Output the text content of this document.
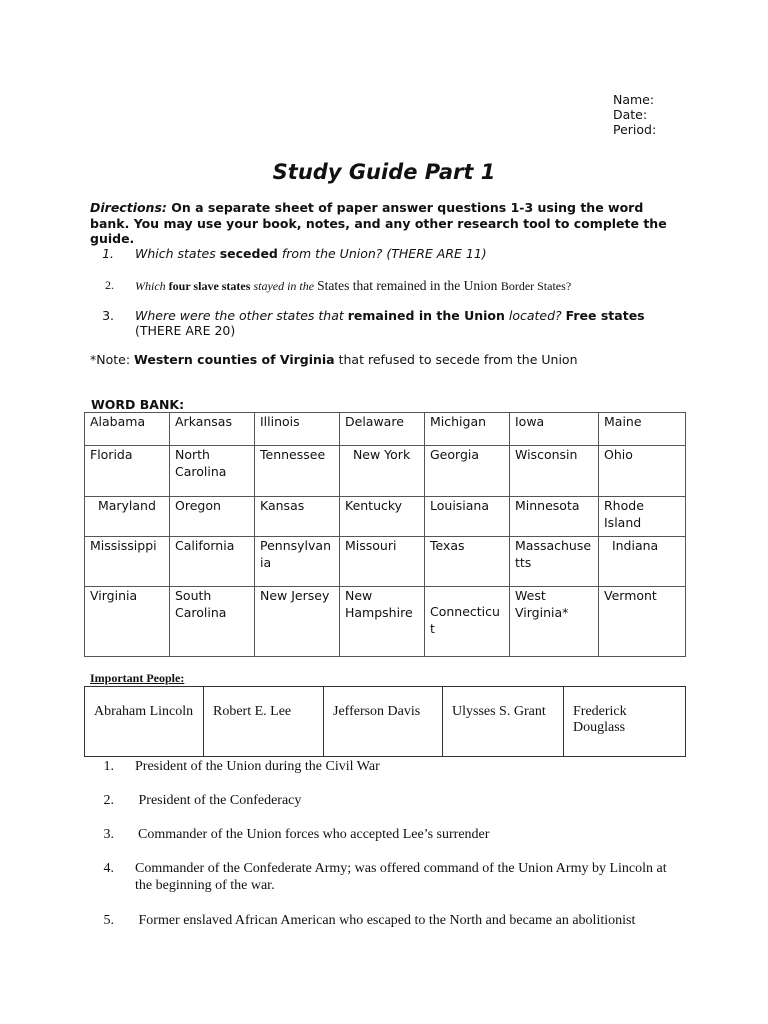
Name:
Date:
Period:
Study Guide Part 1
Directions: On a separate sheet of paper answer questions 1-3 using the word bank. You may use your book, notes, and any other research tool to complete the guide.
1. Which states seceded from the Union? (THERE ARE 11)
2. Which four slave states stayed in the States that remained in the Union Border States?
3. Where were the other states that remained in the Union located? Free states
(THERE ARE 20)
*Note: Western counties of Virginia that refused to secede from the Union
WORD BANK:
Alabama	Arkansas	Illinois	Delaware	Michigan	Iowa	Maine
Florida	North Carolina	Tennessee	New York	Georgia	Wisconsin	Ohio
Maryland	Oregon	Kansas	Kentucky	Louisiana	Minnesota	Rhode Island
Mississippi	California	Pennsylvania	Missouri	Texas	Massachusetts	Indiana
Virginia	South Carolina	New Jersey	New Hampshire	Connecticut	West Virginia*	Vermont
Important People:
Abraham Lincoln	Robert E. Lee	Jefferson Davis	Ulysses S. Grant	Frederick Douglass
1. President of the Union during the Civil War
2. President of the Confederacy
3. Commander of the Union forces who accepted Lee’s surrender
4. Commander of the Confederate Army; was offered command of the Union Army by Lincoln at the beginning of the war.
5. Former enslaved African American who escaped to the North and became an abolitionist
